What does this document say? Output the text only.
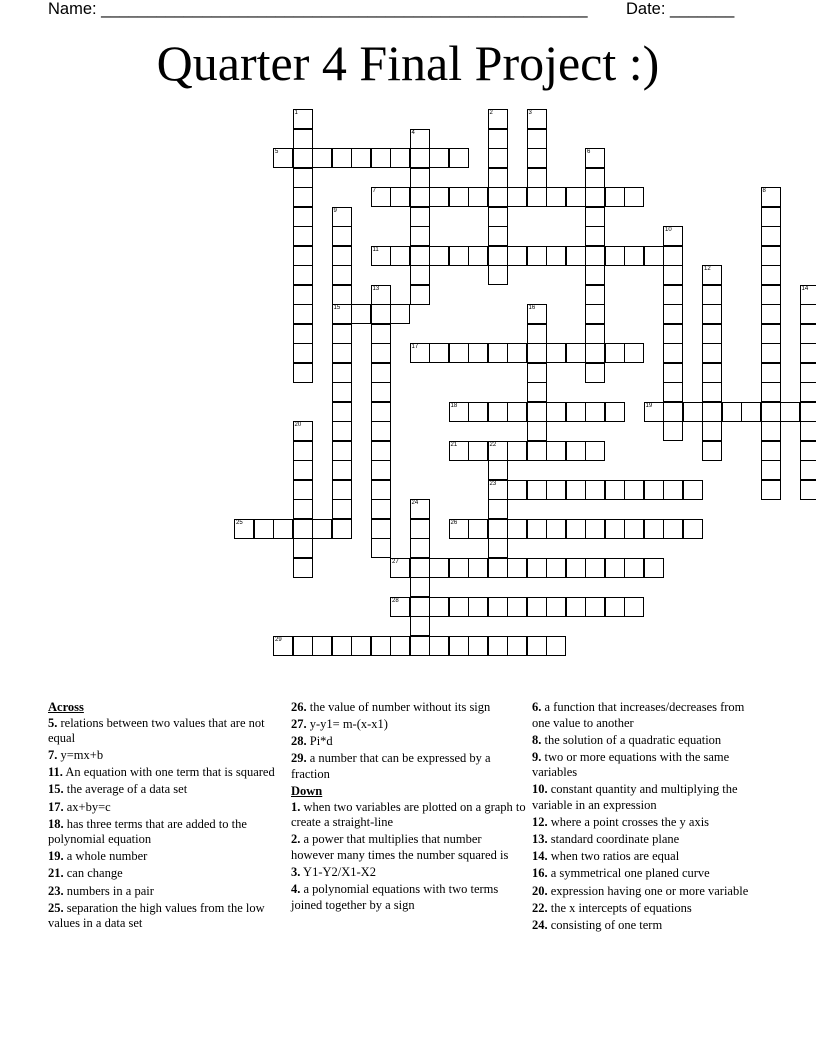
Name: _____________________________________________________ Date: _______
Quarter 4 Final Project :)
1	2	3
4
5	6
7	8
9
15
10
11
12
13	14
16
17
18	19
20
21	22
23
24
25	26
27
28
29
Across
5. relations between two values that are not equal
7. y=mx+b
11. An equation with one term that is squared
15. the average of a data set
17. ax+by=c
18. has three terms that are added to the polynomial equation
19. a whole number
21. can change
23. numbers in a pair
25. separation the high values from the low values in a data set
26. the value of number without its sign
27. y-y1= m-(x-x1)
28. Pi*d
29. a number that can be expressed by a fraction
Down
1. when two variables are plotted on a graph to create a straight-line
2. a power that multiplies that number however many times the number squared is
3. Y1-Y2/X1-X2
4. a polynomial equations with two terms joined together by a sign
6. a function that increases/decreases from one value to another
8. the solution of a quadratic equation
9. two or more equations with the same variables
10. constant quantity and multiplying the variable in an expression
12. where a point crosses the y axis
13. standard coordinate plane
14. when two ratios are equal
16. a symmetrical one planed curve
20. expression having one or more variable
22. the x intercepts of equations
24. consisting of one term
